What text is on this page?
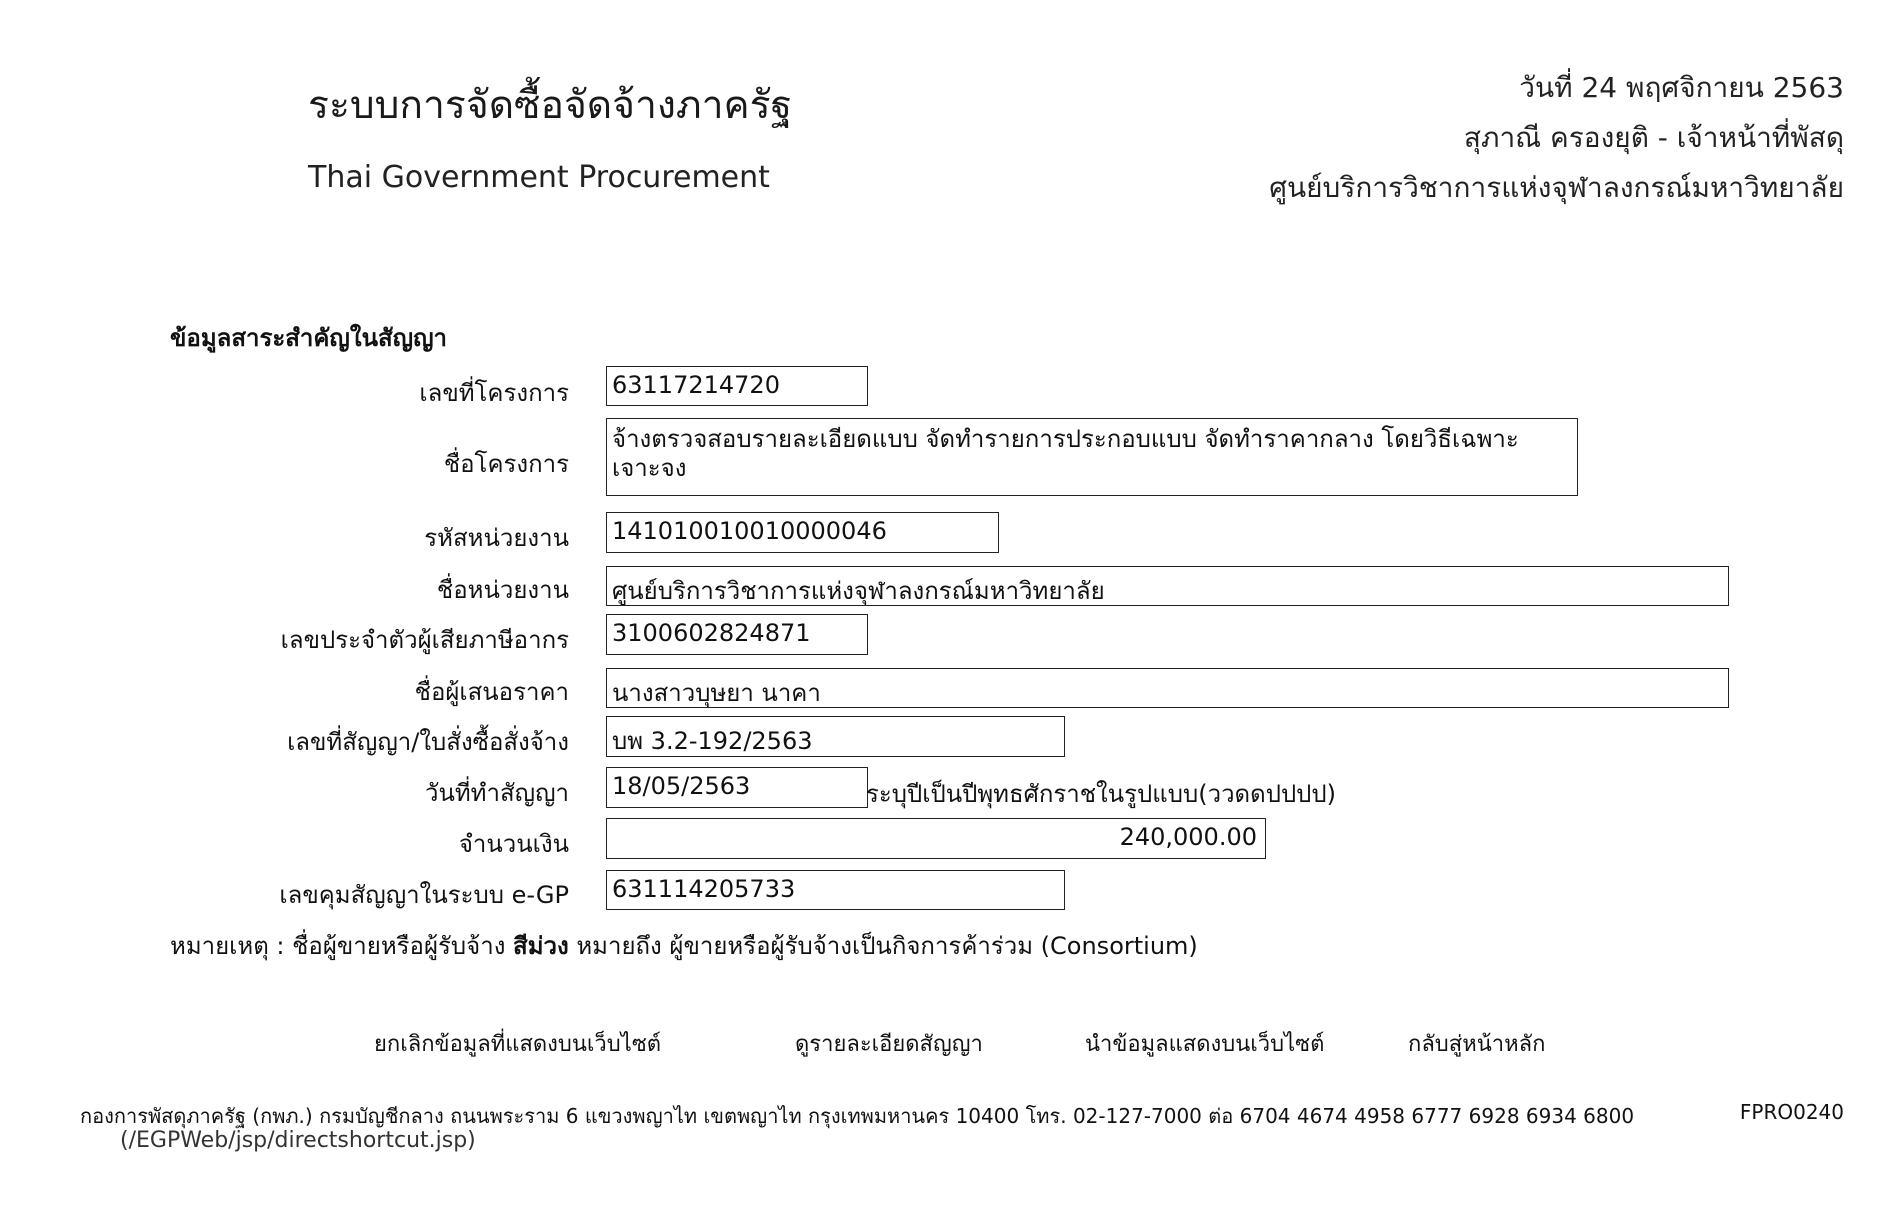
ระบบการจัดซื้อจัดจ้างภาครัฐ
Thai Government Procurement
วันที่ 24 พฤศจิกายน 2563
สุภาณี ครองยุติ - เจ้าหน้าที่พัสดุ
ศูนย์บริการวิชาการแห่งจุฬาลงกรณ์มหาวิทยาลัย
ข้อมูลสาระสำคัญในสัญญา
เลขที่โครงการ 63117214720
ชื่อโครงการ
จ้างตรวจสอบรายละเอียดแบบ จัดทำรายการประกอบแบบ จัดทำราคากลาง โดยวิธีเฉพาะเจาะจง
รหัสหน่วยงาน 141010010010000046
ชื่อหน่วยงาน ศูนย์บริการวิชาการแห่งจุฬาลงกรณ์มหาวิทยาลัย
เลขประจำตัวผู้เสียภาษีอากร 3100602824871
ชื่อผู้เสนอราคา นางสาวบุษยา นาคา
เลขที่สัญญา/ใบสั่งซื้อสั่งจ้าง บพ 3.2-192/2563
วันที่ทำสัญญา 18/05/2563	ระบุปีเป็นปีพุทธศักราชในรูปแบบ(ววดดปปปป)
จำนวนเงิน	240,000.00
เลขคุมสัญญาในระบบ e-GP 631114205733
หมายเหตุ : ชื่อผู้ขายหรือผู้รับจ้าง สีม่วง หมายถึง ผู้ขายหรือผู้รับจ้างเป็นกิจการค้าร่วม (Consortium)
ยกเลิกข้อมูลที่แสดงบนเว็บไซต์	ดูรายละเอียดสัญญา	นำข้อมูลแสดงบนเว็บไซต์	กลับสู่หน้าหลัก
กองการพัสดุภาครัฐ (กพภ.) กรมบัญชีกลาง ถนนพระราม 6 แขวงพญาไท เขตพญาไท กรุงเทพมหานคร 10400 โทร. 02-127-7000 ต่อ 6704 4674 4958 6777 6928 6934 6800	FPRO0240
(/EGPWeb/jsp/directshortcut.jsp)
